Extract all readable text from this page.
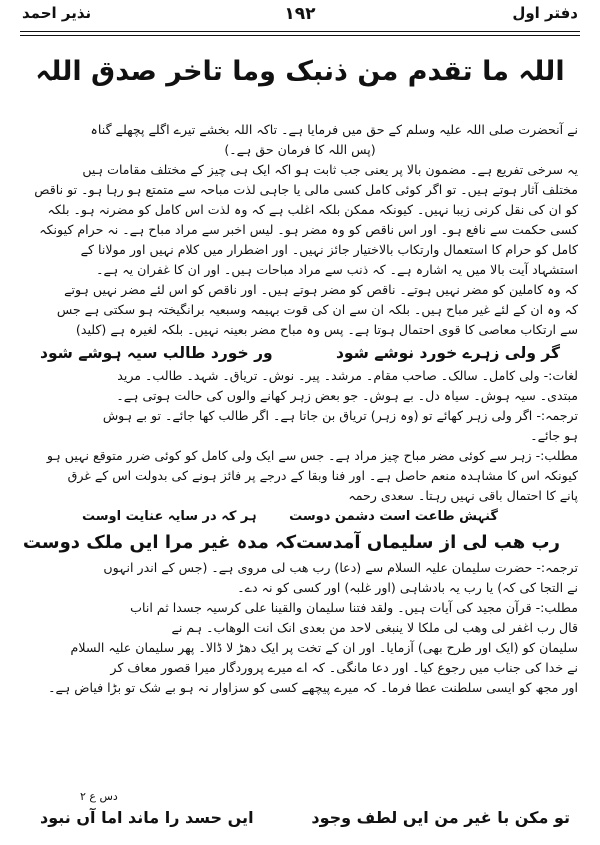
دفتر اول
۱۹۲
نذیر احمد
اللہ ما تقدم من ذنبک وما تاخر صدق اللہ
نے آنحضرت صلی اللہ علیہ وسلم کے حق میں فرمایا ہے۔ تاکہ اللہ بخشے تیرے اگلے پچھلے گناہ
(پس اللہ کا فرمان حق ہے۔)
یہ سرخی تفریع ہے۔ مضمون بالا پر یعنی جب ثابت ہو اکہ ایک ہی چیز کے مختلف مقامات ہیں
مختلف آثار ہوتے ہیں۔ تو اگر کوئی کامل کسی مالی یا جاہی لذت مباحہ سے متمتع ہو رہا ہو۔ تو ناقص
کو ان کی نقل کرنی زیبا نہیں۔ کیونکہ ممکن بلکہ اغلب ہے کہ وہ لذت اس کامل کو مضرنہ ہو۔ بلکہ
کسی حکمت سے نافع ہو۔ اور اس ناقص کو وہ مضر ہو۔ لیس اخبر سے مراد مباح ہے۔ نہ حرام کیونکہ
کامل کو حرام کا استعمال وارتکاب بالاختیار جائز نہیں۔ اور اضطرار میں کلام نہیں اور مولانا کے
استشہاد آیت بالا میں یہ اشارہ ہے۔ کہ ذنب سے مراد مباحات ہیں۔ اور ان کا غفران یہ ہے۔
کہ وہ کاملین کو مضر نہیں ہوتے۔ ناقص کو مضر ہوتے ہیں۔ اور ناقص کو اس لئے مضر نہیں ہوتے
کہ وہ ان کے لئے غیر مباح ہیں۔ بلکہ ان سے ان کی قوت بہیمہ وسبعیہ برانگیختہ ہو سکتی ہے جس
سے ارتکاب معاصی کا قوی احتمال ہوتا ہے۔ پس وہ مباح مضر بعینہ نہیں۔ بلکہ لغیرہ ہے (کلید)
گر ولی زہرے خورد نوشے شود
ور خورد طالب سیہ ہوشے شود
لغات:- ولی کامل۔ سالک۔ صاحب مقام۔ مرشد۔ پیر۔ نوش۔ تریاق۔ شہد۔ طالب۔ مرید
مبتدی۔ سیہ ہوش۔ سیاہ دل۔ بے ہوش۔ جو بعض زہر کھانے والوں کی حالت ہوتی ہے۔
ترجمہ:- اگر ولی زہر کھائے تو (وہ زہر) تریاق بن جاتا ہے۔ اگر طالب کھا جائے۔ تو بے ہوش
ہو جائے۔
مطلب:- زہر سے کوئی مضر مباح چیز مراد ہے۔ جس سے ایک ولی کامل کو کوئی ضرر متوقع نہیں ہو
کیونکہ اس کا مشاہدہ منعم حاصل ہے۔ اور فنا وبقا کے درجے پر فائز ہونے کی بدولت اس کے غرق
پانے کا احتمال باقی نہیں رہتا۔ سعدی رحمہ
گنہش طاعت است دشمن دوست
ہر کہ در سایہ عنایت اوست
رب ھب لی از سلیماں آمدست
کہ مدہ غیر مرا ایں ملک دوست
ترجمہ:- حضرت سلیمان علیہ السلام سے (دعا) رب ھب لی مروی ہے۔ (جس کے اندر انہوں
نے التجا کی کہ) یا رب یہ بادشاہی (اور غلبہ) اور کسی کو نہ دے۔
مطلب:- قرآن مجید کی آیات ہیں۔ ولقد فتنا سلیمان والقینا علی کرسیہ جسدا ثم اناب
قال رب اغفر لی وھب لی ملکا لا ینبغی لاحد من بعدی انک انت الوھاب۔ ہم نے
سلیمان کو (ایک اور طرح بھی) آزمایا۔ اور ان کے تخت پر ایک دھڑ لا ڈالا۔ پھر سلیمان علیہ السلام
نے خدا کی جناب میں رجوع کیا۔ اور دعا مانگی۔ کہ اے میرے پروردگار میرا قصور معاف کر
اور مجھ کو ایسی سلطنت عطا فرما۔ کہ میرے پیچھے کسی کو سزاوار نہ ہو بے شک تو بڑا فیاض ہے۔
دس ع ۲
تو مکن با غیر من ایں لطف وجود
ایں حسد را ماند اما آں نبود
